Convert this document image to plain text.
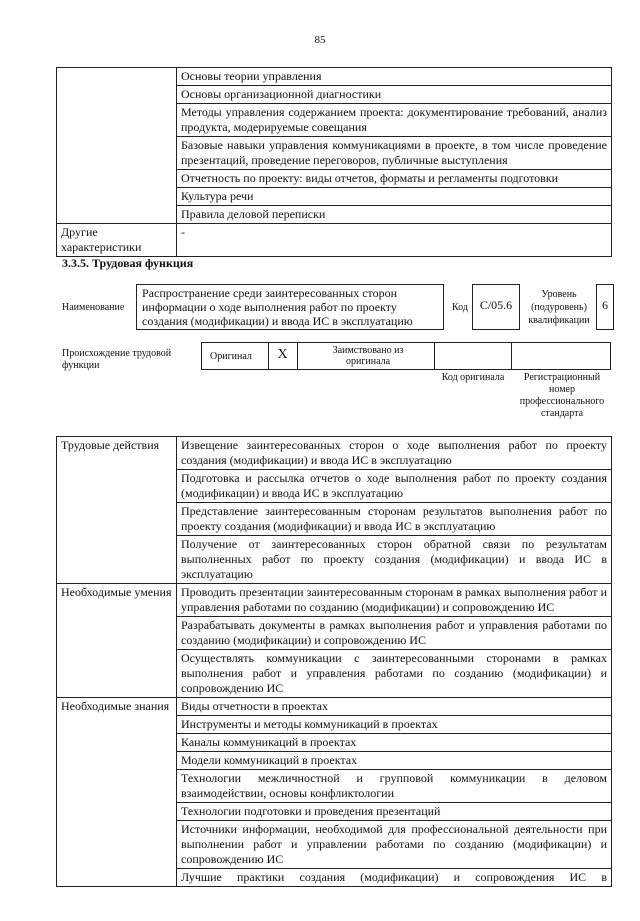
85
	Основы теории управления
	Основы организационной диагностики
	Методы управления содержанием проекта: документирование требований, анализ продукта, модерируемые совещания
	Базовые навыки управления коммуникациями в проекте, в том числе проведение презентаций, проведение переговоров, публичные выступления
	Отчетность по проекту: виды отчетов, форматы и регламенты подготовки
	Культура речи
	Правила деловой переписки
Другие характеристики	-
3.3.5. Трудовая функция
Наименование
Распространение среди заинтересованных сторон информации о ходе выполнения работ по проекту создания (модификации) и ввода ИС в эксплуатацию
Код C/05.6
Уровень (подуровень) квалификации
6
Происхождение трудовой функции
Оригинал	X	Заимствовано из оригинала
Код оригинала	Регистрационный номер профессионального стандарта
Трудовые действия	Извещение заинтересованных сторон о ходе выполнения работ по проекту создания (модификации) и ввода ИС в эксплуатацию
	Подготовка и рассылка отчетов о ходе выполнения работ по проекту создания (модификации) и ввода ИС в эксплуатацию
	Представление заинтересованным сторонам результатов выполнения работ по проекту создания (модификации) и ввода ИС в эксплуатацию
	Получение от заинтересованных сторон обратной связи по результатам выполненных работ по проекту создания (модификации) и ввода ИС в эксплуатацию
Необходимые умения	Проводить презентации заинтересованным сторонам в рамках выполнения работ и управления работами по созданию (модификации) и сопровождению ИС
	Разрабатывать документы в рамках выполнения работ и управления работами по созданию (модификации) и сопровождению ИС
	Осуществлять коммуникации с заинтересованными сторонами в рамках выполнения работ и управления работами по созданию (модификации) и сопровождению ИС
Необходимые знания	Виды отчетности в проектах
	Инструменты и методы коммуникаций в проектах
	Каналы коммуникаций в проектах
	Модели коммуникаций в проектах
	Технологии межличностной и групповой коммуникации в деловом взаимодействии, основы конфликтологии
	Технологии подготовки и проведения презентаций
	Источники информации, необходимой для профессиональной деятельности при выполнении работ и управлении работами по созданию (модификации) и сопровождению ИС
	Лучшие практики создания (модификации) и сопровождения ИС в
